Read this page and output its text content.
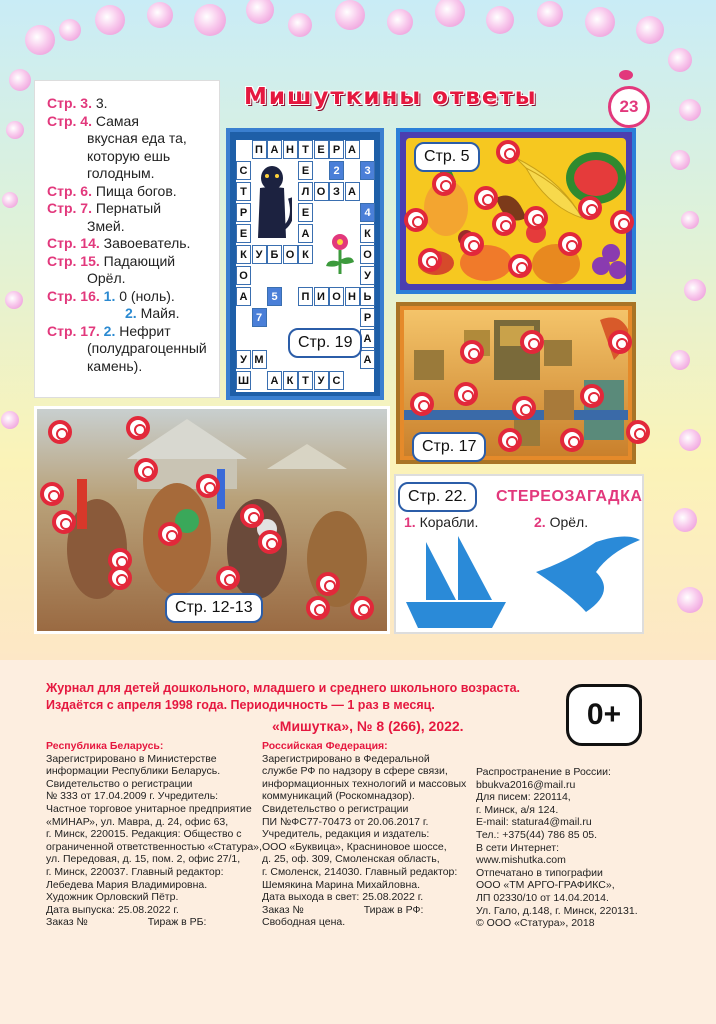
23
Мишуткины ответы
Стр. 3. 3.
Стр. 4. Самая
вкусная еда та,
которую ешь
голодным.
Стр. 6. Пища богов.
Стр. 7. Пернатый
Змей.
Стр. 14. Завоеватель.
Стр. 15. Падающий
Орёл.
Стр. 16. 1. 0 (ноль).
2. Майя.
Стр. 17. 2. Нефрит
(полудрагоценный
камень).
П А Н Т Е Р А
С	Е	2	3
Т	Л О З А
Р	Е	4
Е	А	К
К У Б О К	О
О	У
А	5	П И О Н Ь
7	Р
А
У М	А
Ш	А К Т У С
Стр. 19
Стр. 5
Стр. 17
Стр. 12-13
Стр. 22.	СТЕРЕОЗАГАДКА
1. Корабли.	2. Орёл.
Журнал для детей дошкольного, младшего и среднего школьного возраста.
Издаётся с апреля 1998 года. Периодичность — 1 раз в месяц.
«Мишутка», № 8 (266), 2022.	0+
Республика Беларусь:
Зарегистрировано в Министерстве
информации Республики Беларусь.
Свидетельство о регистрации
№ 333 от 17.04.2009 г. Учредитель:
Частное торговое унитарное предприятие
«МИНАР», ул. Мавра, д. 24, офис 63,
г. Минск, 220015. Редакция: Общество с
ограниченной ответственностью «Статура»,
ул. Передовая, д. 15, пом. 2, офис 27/1,
г. Минск, 220037. Главный редактор:
Лебедева Мария Владимировна.
Художник Орловский Пётр.
Дата выпуска: 25.08.2022 г.
Заказ №	Тираж в РБ:
Российская Федерация:
Зарегистрировано в Федеральной
службе РФ по надзору в сфере связи,
информационных технологий и массовых
коммуникаций (Роскомнадзор).
Свидетельство о регистрации
ПИ №ФС77-70473 от 20.06.2017 г.
Учредитель, редакция и издатель:
ООО «Буквица», Красниновое шоссе,
д. 25, оф. 309, Смоленская область,
г. Смоленск, 214030. Главный редактор:
Шемякина Марина Михайловна.
Дата выхода в свет: 25.08.2022 г.
Заказ №	Тираж в РФ:
Свободная цена.
Распространение в России:
bbukva2016@mail.ru
Для писем: 220114,
г. Минск, а/я 124.
E-mail: statura4@mail.ru
Тел.: +375(44) 786 85 05.
В сети Интернет:
www.mishutka.com
Отпечатано в типографии
ООО «ТМ АРГО-ГРАФИКС»,
ЛП 02330/10 от 14.04.2014.
Ул. Гало, д.148, г. Минск, 220131.
© ООО «Статура», 2018
